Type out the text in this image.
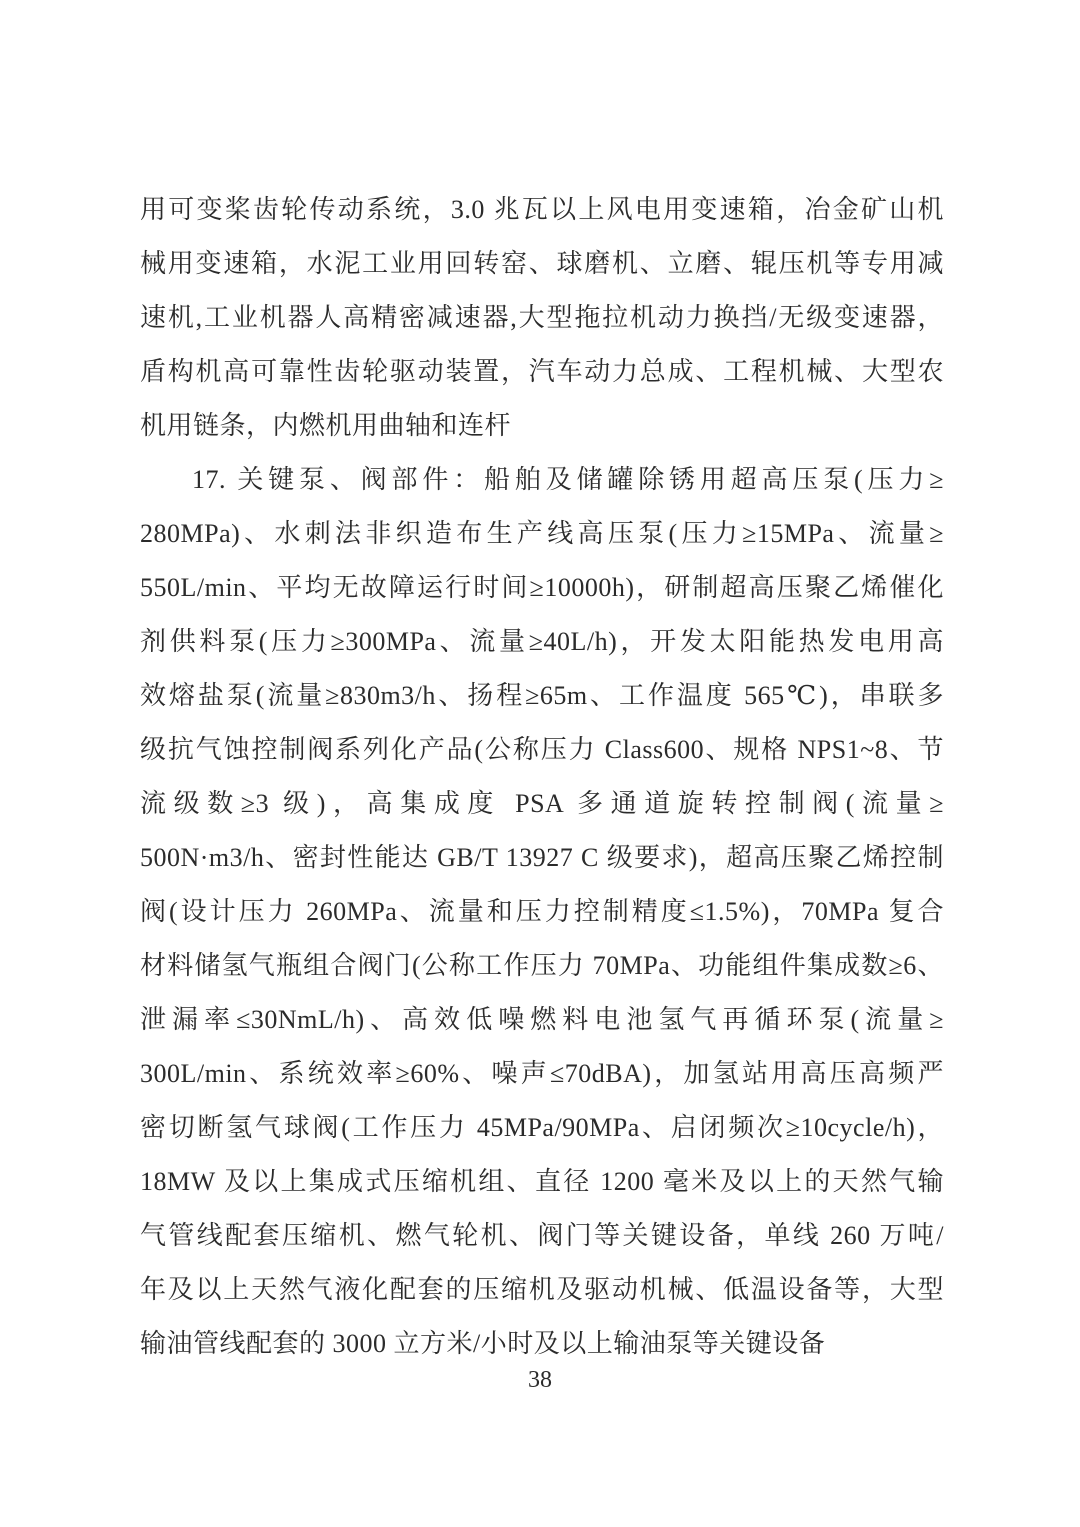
用可变桨齿轮传动系统，3.0 兆瓦以上风电用变速箱，冶金矿山机
械用变速箱，水泥工业用回转窑、球磨机、立磨、辊压机等专用减
速机,工业机器人高精密减速器,大型拖拉机动力换挡/无级变速器，
盾构机高可靠性齿轮驱动装置，汽车动力总成、工程机械、大型农
机用链条，内燃机用曲轴和连杆
17. 关键泵、阀部件：船舶及储罐除锈用超高压泵(压力≥
280MPa)、水刺法非织造布生产线高压泵(压力≥15MPa、流量≥
550L/min、平均无故障运行时间≥10000h)，研制超高压聚乙烯催化
剂供料泵(压力≥300MPa、流量≥40L/h)，开发太阳能热发电用高
效熔盐泵(流量≥830m3/h、扬程≥65m、工作温度 565℃)，串联多
级抗气蚀控制阀系列化产品(公称压力 Class600、规格 NPS1~8、节
流级数≥3 级)，高集成度 PSA 多通道旋转控制阀(流量≥
500N·m3/h、密封性能达 GB/T 13927 C 级要求)，超高压聚乙烯控制
阀(设计压力 260MPa、流量和压力控制精度≤1.5%)，70MPa 复合
材料储氢气瓶组合阀门(公称工作压力 70MPa、功能组件集成数≥6、
泄漏率≤30NmL/h)、高效低噪燃料电池氢气再循环泵(流量≥
300L/min、系统效率≥60%、噪声≤70dBA)，加氢站用高压高频严
密切断氢气球阀(工作压力 45MPa/90MPa、启闭频次≥10cycle/h)，
18MW 及以上集成式压缩机组、直径 1200 毫米及以上的天然气输
气管线配套压缩机、燃气轮机、阀门等关键设备，单线 260 万吨/
年及以上天然气液化配套的压缩机及驱动机械、低温设备等，大型
输油管线配套的 3000 立方米/小时及以上输油泵等关键设备
38
